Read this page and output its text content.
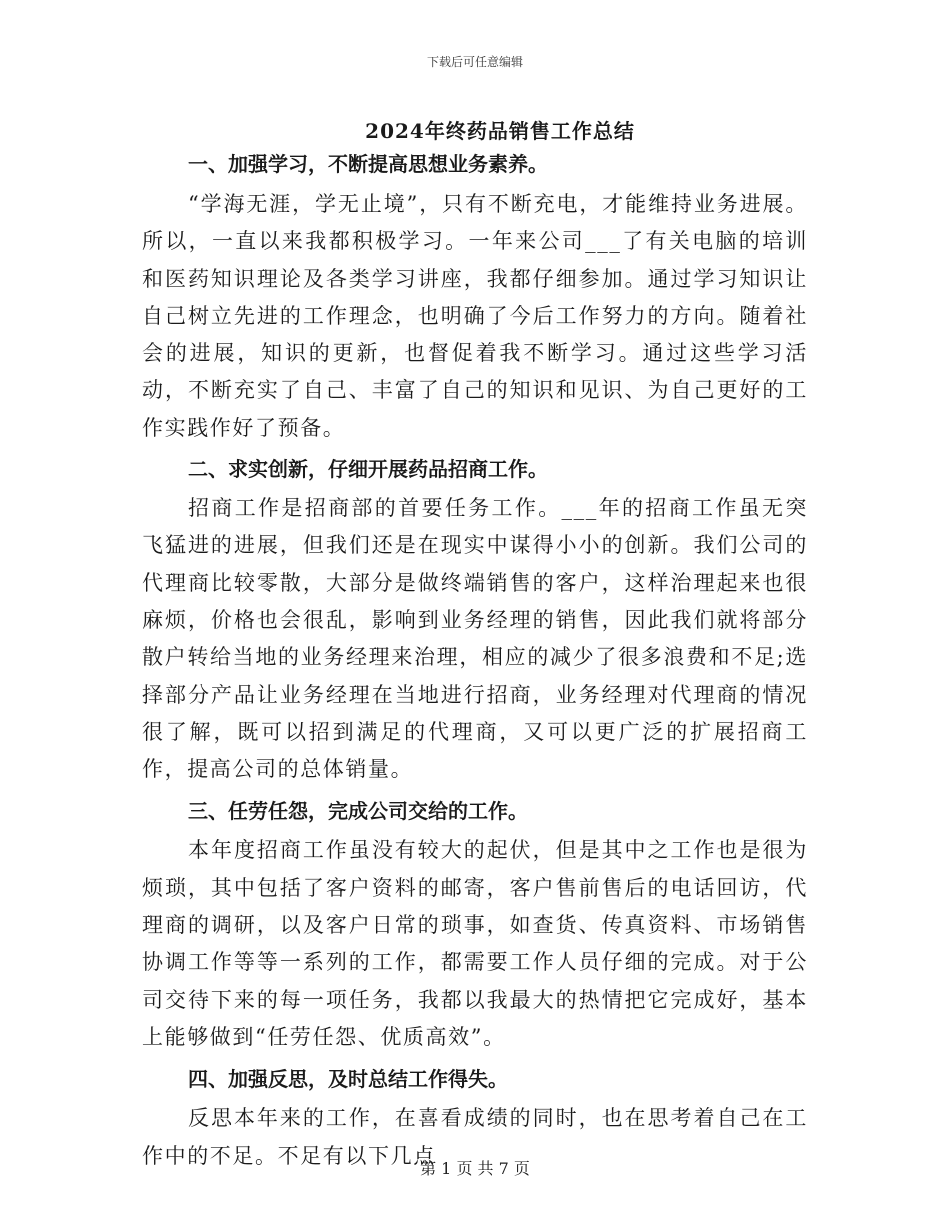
下载后可任意编辑
2024年终药品销售工作总结
一、加强学习，不断提高思想业务素养。

“学海无涯，学无止境”，只有不断充电，才能维持业务进展。所以，一直以来我都积极学习。一年来公司___了有关电脑的培训和医药知识理论及各类学习讲座，我都仔细参加。通过学习知识让自己树立先进的工作理念，也明确了今后工作努力的方向。随着社会的进展，知识的更新，也督促着我不断学习。通过这些学习活动，不断充实了自己、丰富了自己的知识和见识、为自己更好的工作实践作好了预备。

二、求实创新，仔细开展药品招商工作。

招商工作是招商部的首要任务工作。___年的招商工作虽无突飞猛进的进展，但我们还是在现实中谋得小小的创新。我们公司的代理商比较零散，大部分是做终端销售的客户，这样治理起来也很麻烦，价格也会很乱，影响到业务经理的销售，因此我们就将部分散户转给当地的业务经理来治理，相应的减少了很多浪费和不足;选择部分产品让业务经理在当地进行招商，业务经理对代理商的情况很了解，既可以招到满足的代理商，又可以更广泛的扩展招商工作，提高公司的总体销量。

三、任劳任怨，完成公司交给的工作。

本年度招商工作虽没有较大的起伏，但是其中之工作也是很为烦琐，其中包括了客户资料的邮寄，客户售前售后的电话回访，代理商的调研，以及客户日常的琐事，如查货、传真资料、市场销售协调工作等等一系列的工作，都需要工作人员仔细的完成。对于公司交待下来的每一项任务，我都以我最大的热情把它完成好，基本上能够做到“任劳任怨、优质高效”。

四、加强反思，及时总结工作得失。

反思本年来的工作，在喜看成绩的同时，也在思考着自己在工作中的不足。不足有以下几点

第 1 页 共 7 页
